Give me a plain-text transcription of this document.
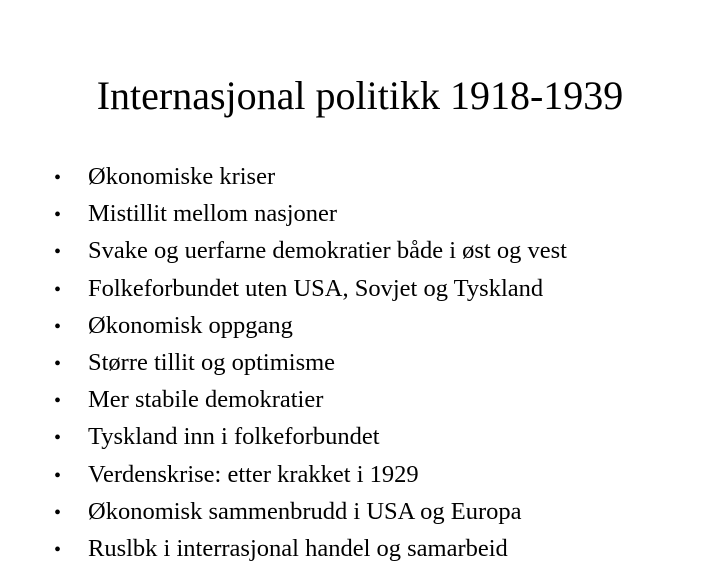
Internasjonal politikk 1918-1939
•	Økonomiske kriser
•	Mistillit mellom nasjoner
•	Svake og uerfarne demokratier både i øst og vest
•	Folkeforbundet uten USA, Sovjet og Tyskland
•	Økonomisk oppgang
•	Større tillit og optimisme
•	Mer stabile demokratier
•	Tyskland inn i folkeforbundet
•	Verdenskrise: etter krakket i 1929
•	Økonomisk sammenbrudd i USA og Europa
•	Ruslbk i interrasjonal handel og samarbeid
